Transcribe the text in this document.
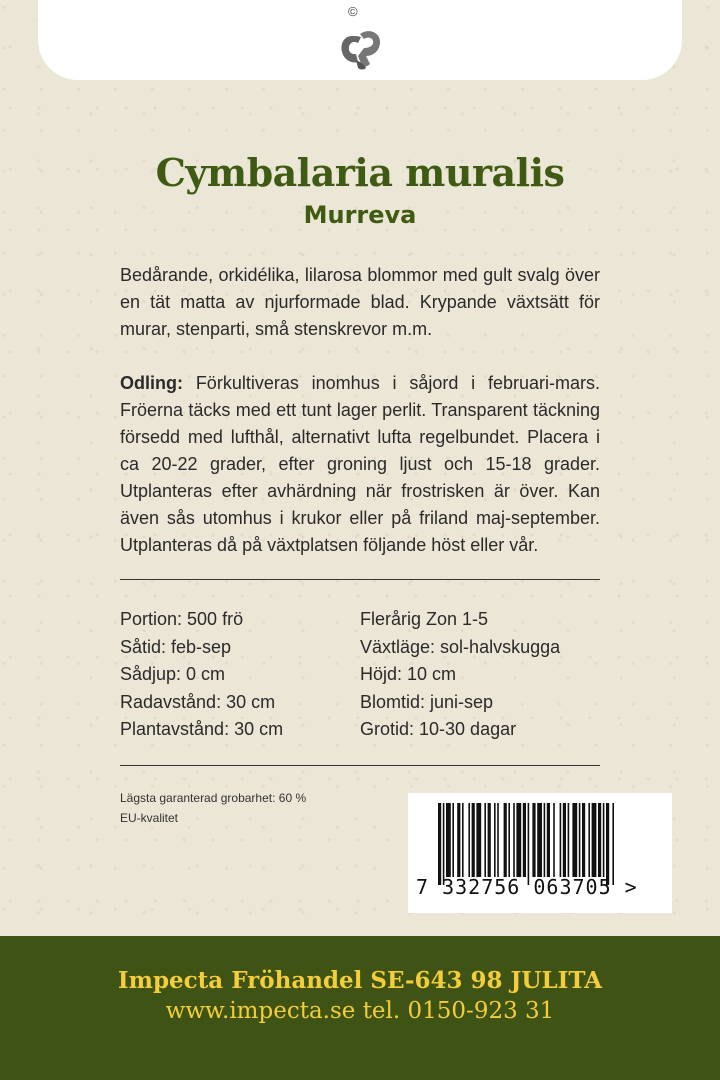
©
Cymbalaria muralis
Murreva
Bedårande, orkidélika, lilarosa blommor med gult svalg över en tät matta av njurformade blad. Krypande växtsätt för murar, stenparti, små stenskrevor m.m.
Odling: Förkultiveras inomhus i såjord i februari-mars. Fröerna täcks med ett tunt lager perlit. Transparent täckning försedd med lufthål, alternativt lufta regelbundet. Placera i ca 20-22 grader, efter groning ljust och 15-18 grader. Utplanteras efter avhärdning när frostrisken är över. Kan även sås utomhus i krukor eller på friland maj-september. Utplanteras då på växtplatsen följande höst eller vår.
Portion: 500 frö
Såtid: feb-sep
Sådjup: 0 cm
Radavstånd: 30 cm
Plantavstånd: 30 cm
Flerårig Zon 1-5
Växtläge: sol-halvskugga
Höjd: 10 cm
Blomtid: juni-sep
Grotid: 10-30 dagar
Lägsta garanterad grobarhet: 60 %
EU-kvalitet
7 332756 063705 >
Impecta Fröhandel SE-643 98 JULITA
www.impecta.se tel. 0150-923 31
